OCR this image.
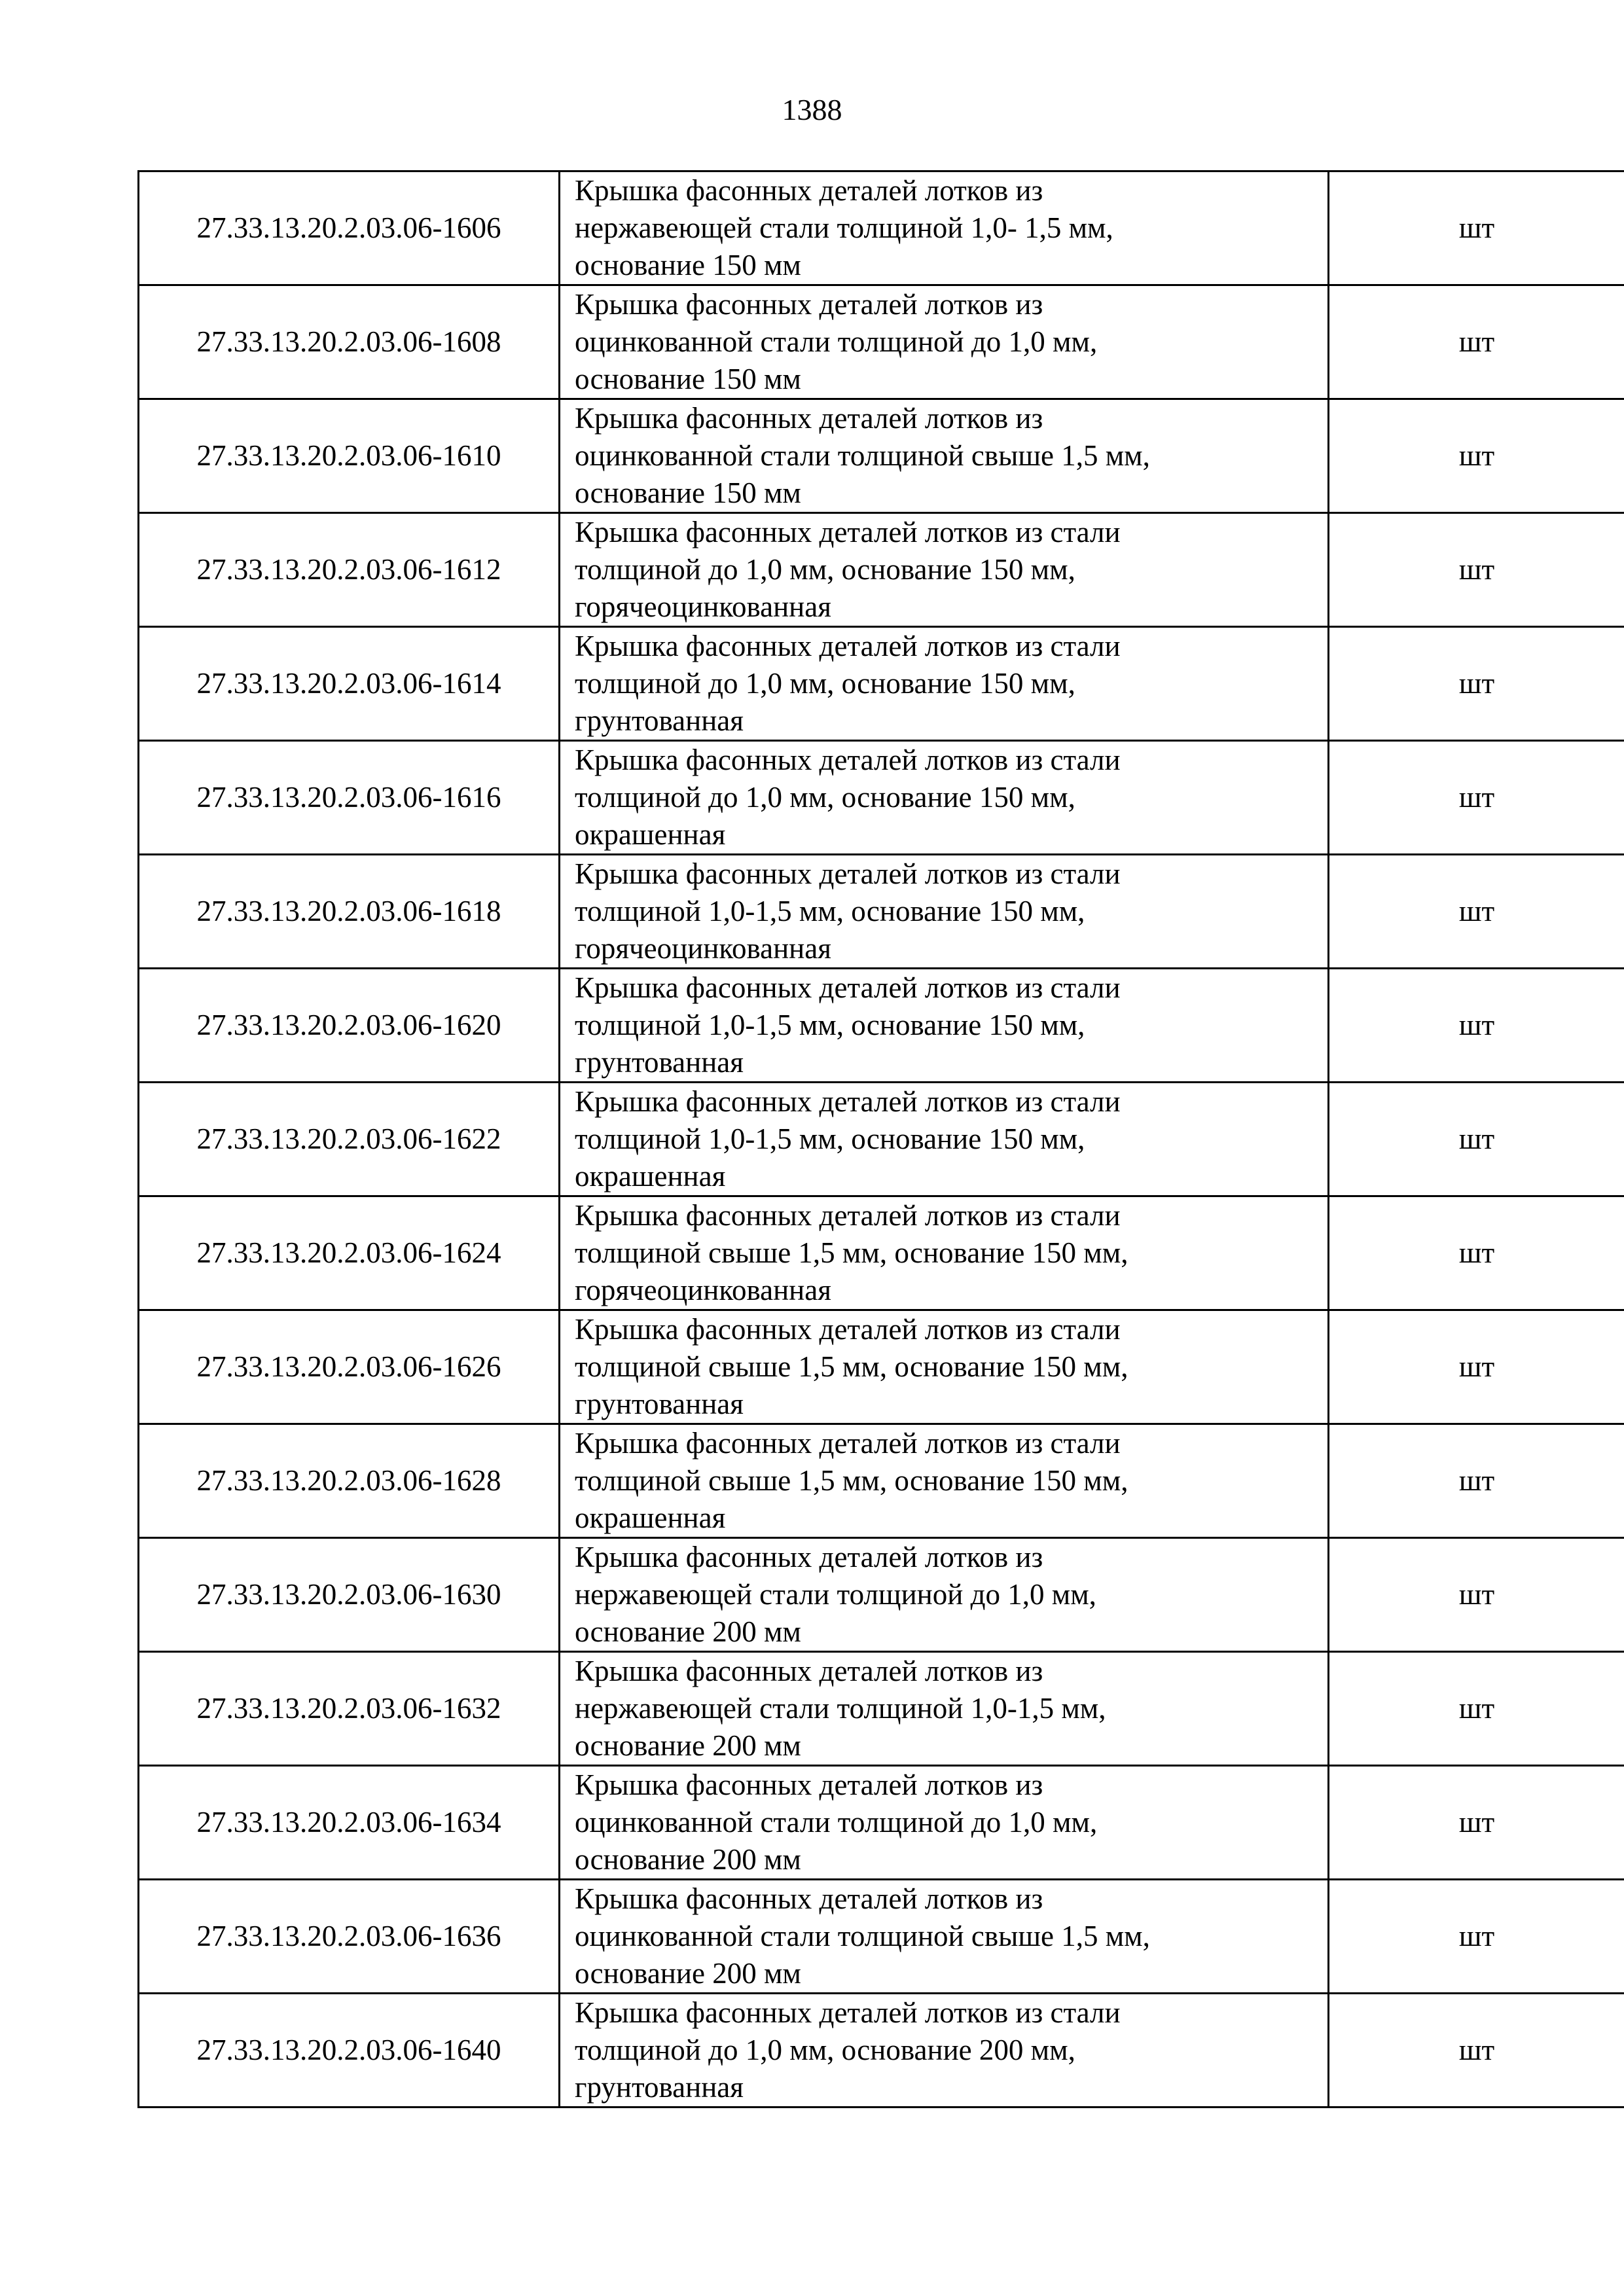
1388
27.33.13.20.2.03.06-1606	Крышка фасонных деталей лотков из
нержавеющей стали толщиной 1,0- 1,5 мм,
основание 150 мм	шт
27.33.13.20.2.03.06-1608	Крышка фасонных деталей лотков из
оцинкованной стали толщиной до 1,0 мм,
основание 150 мм	шт
27.33.13.20.2.03.06-1610	Крышка фасонных деталей лотков из
оцинкованной стали толщиной свыше 1,5 мм,
основание 150 мм	шт
27.33.13.20.2.03.06-1612	Крышка фасонных деталей лотков из стали
толщиной до 1,0 мм, основание 150 мм,
горячеоцинкованная	шт
27.33.13.20.2.03.06-1614	Крышка фасонных деталей лотков из стали
толщиной до 1,0 мм, основание 150 мм,
грунтованная	шт
27.33.13.20.2.03.06-1616	Крышка фасонных деталей лотков из стали
толщиной до 1,0 мм, основание 150 мм,
окрашенная	шт
27.33.13.20.2.03.06-1618	Крышка фасонных деталей лотков из стали
толщиной 1,0-1,5 мм, основание 150 мм,
горячеоцинкованная	шт
27.33.13.20.2.03.06-1620	Крышка фасонных деталей лотков из стали
толщиной 1,0-1,5 мм, основание 150 мм,
грунтованная	шт
27.33.13.20.2.03.06-1622	Крышка фасонных деталей лотков из стали
толщиной 1,0-1,5 мм, основание 150 мм,
окрашенная	шт
27.33.13.20.2.03.06-1624	Крышка фасонных деталей лотков из стали
толщиной свыше 1,5 мм, основание 150 мм,
горячеоцинкованная	шт
27.33.13.20.2.03.06-1626	Крышка фасонных деталей лотков из стали
толщиной свыше 1,5 мм, основание 150 мм,
грунтованная	шт
27.33.13.20.2.03.06-1628	Крышка фасонных деталей лотков из стали
толщиной свыше 1,5 мм, основание 150 мм,
окрашенная	шт
27.33.13.20.2.03.06-1630	Крышка фасонных деталей лотков из
нержавеющей стали толщиной до 1,0 мм,
основание 200 мм	шт
27.33.13.20.2.03.06-1632	Крышка фасонных деталей лотков из
нержавеющей стали толщиной 1,0-1,5 мм,
основание 200 мм	шт
27.33.13.20.2.03.06-1634	Крышка фасонных деталей лотков из
оцинкованной стали толщиной до 1,0 мм,
основание 200 мм	шт
27.33.13.20.2.03.06-1636	Крышка фасонных деталей лотков из
оцинкованной стали толщиной свыше 1,5 мм,
основание 200 мм	шт
27.33.13.20.2.03.06-1640	Крышка фасонных деталей лотков из стали
толщиной до 1,0 мм, основание 200 мм,
грунтованная	шт
